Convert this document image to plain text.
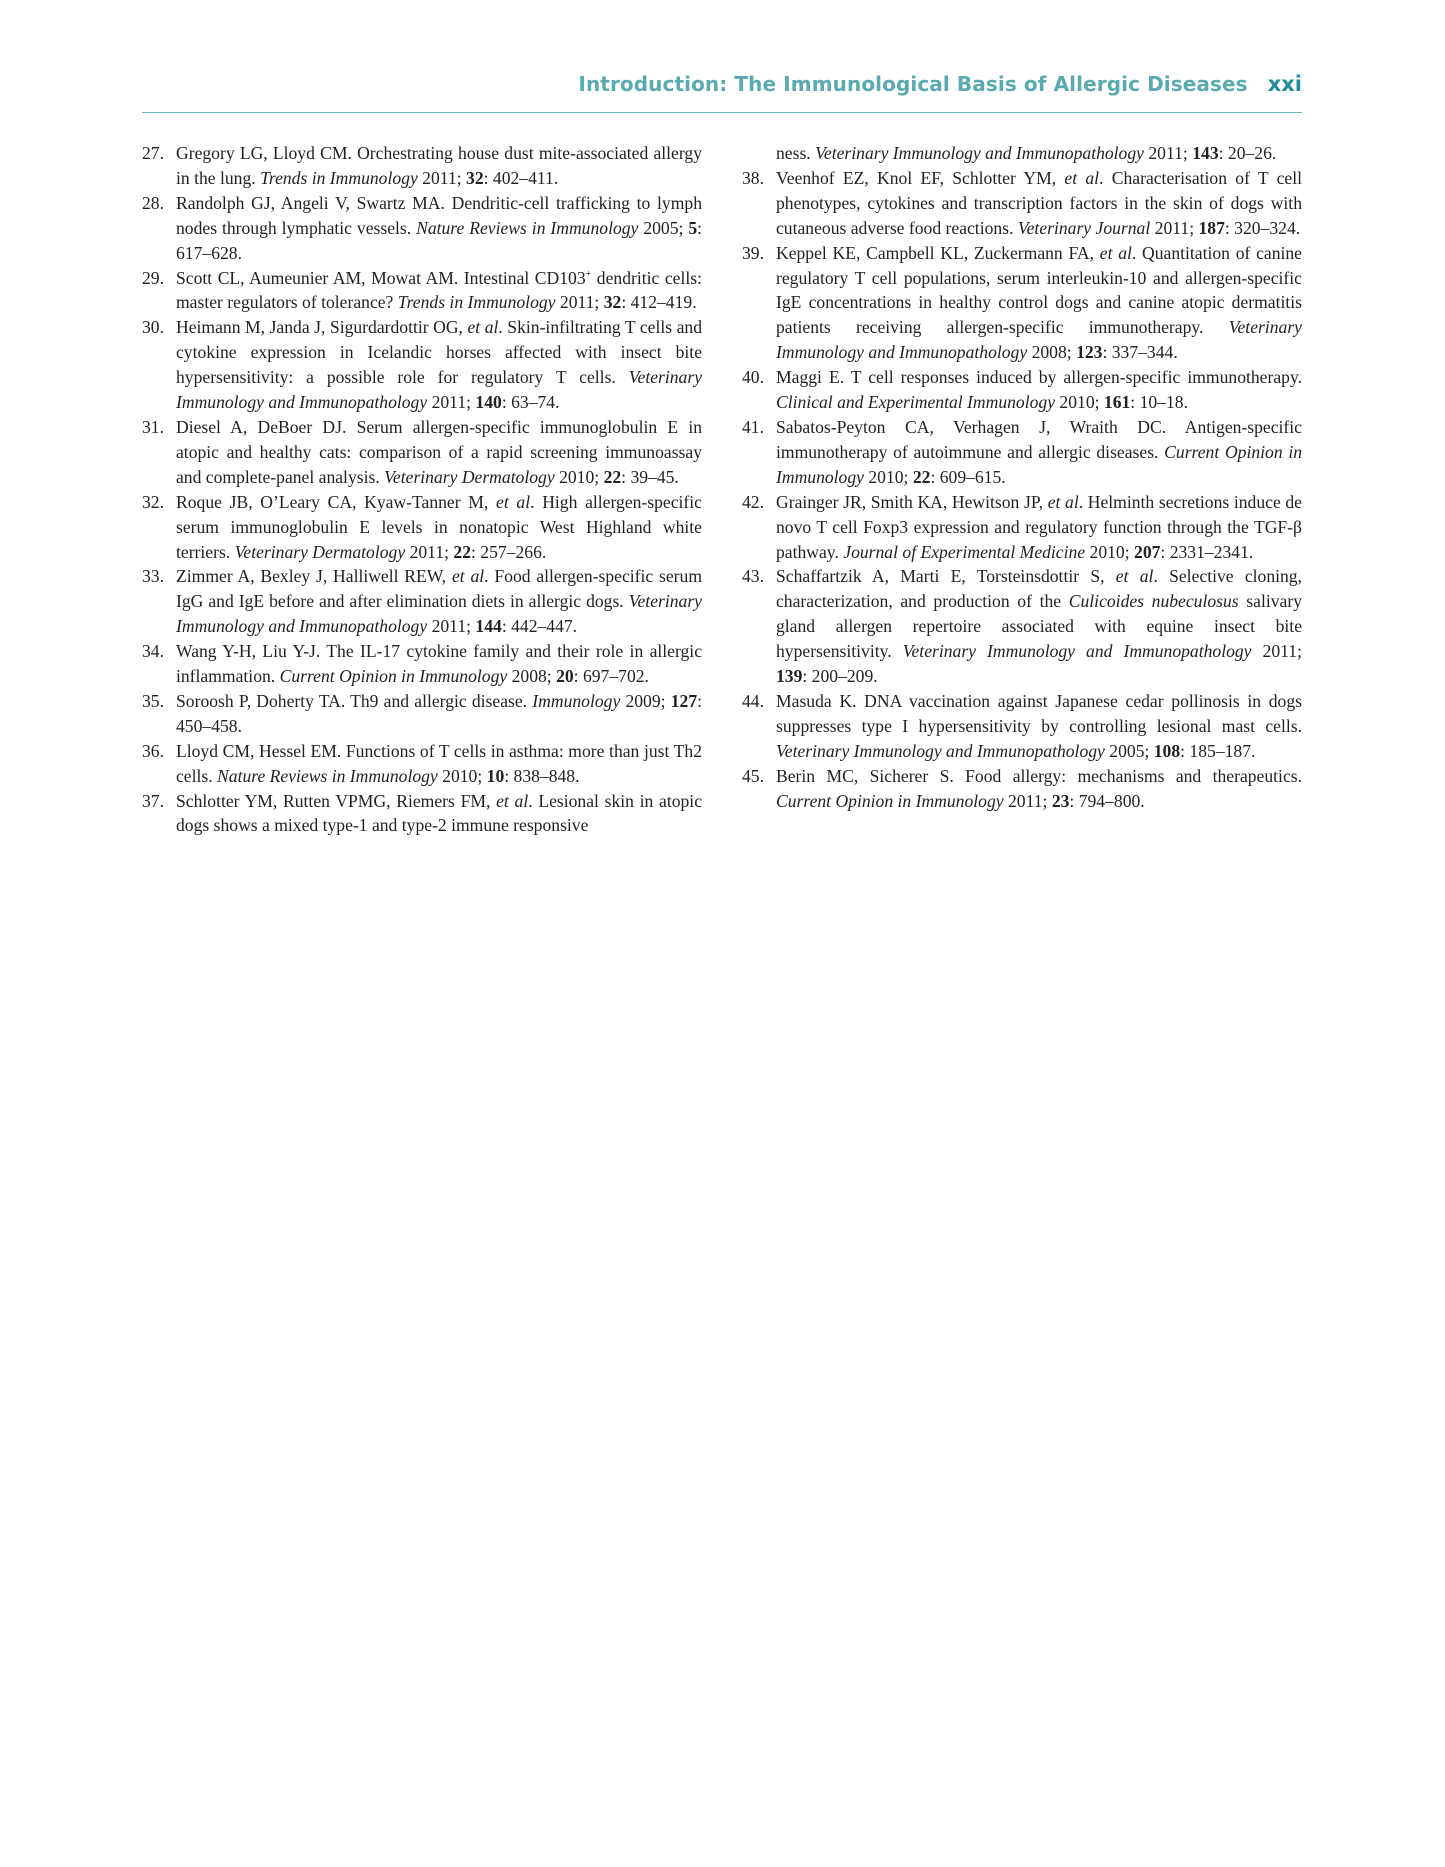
Introduction: The Immunological Basis of Allergic Diseases xxi
27. Gregory LG, Lloyd CM. Orchestrating house dust mite-associated allergy in the lung. Trends in Immunology 2011; 32: 402–411.
28. Randolph GJ, Angeli V, Swartz MA. Dendritic-cell trafficking to lymph nodes through lymphatic vessels. Nature Reviews in Immunology 2005; 5: 617–628.
29. Scott CL, Aumeunier AM, Mowat AM. Intestinal CD103+ dendritic cells: master regulators of tolerance? Trends in Immunology 2011; 32: 412–419.
30. Heimann M, Janda J, Sigurdardottir OG, et al. Skin-infiltrating T cells and cytokine expression in Icelandic horses affected with insect bite hypersensitivity: a possible role for regulatory T cells. Veterinary Immunology and Immunopathology 2011; 140: 63–74.
31. Diesel A, DeBoer DJ. Serum allergen-specific immunoglobulin E in atopic and healthy cats: comparison of a rapid screening immunoassay and complete-panel analysis. Veterinary Dermatology 2010; 22: 39–45.
32. Roque JB, O’Leary CA, Kyaw-Tanner M, et al. High allergen-specific serum immunoglobulin E levels in nonatopic West Highland white terriers. Veterinary Dermatology 2011; 22: 257–266.
33. Zimmer A, Bexley J, Halliwell REW, et al. Food allergen-specific serum IgG and IgE before and after elimination diets in allergic dogs. Veterinary Immunology and Immunopathology 2011; 144: 442–447.
34. Wang Y-H, Liu Y-J. The IL-17 cytokine family and their role in allergic inflammation. Current Opinion in Immunology 2008; 20: 697–702.
35. Soroosh P, Doherty TA. Th9 and allergic disease. Immunology 2009; 127: 450–458.
36. Lloyd CM, Hessel EM. Functions of T cells in asthma: more than just Th2 cells. Nature Reviews in Immunology 2010; 10: 838–848.
37. Schlotter YM, Rutten VPMG, Riemers FM, et al. Lesional skin in atopic dogs shows a mixed type-1 and type-2 immune responsive
ness. Veterinary Immunology and Immunopathology 2011; 143: 20–26.
38. Veenhof EZ, Knol EF, Schlotter YM, et al. Characterisation of T cell phenotypes, cytokines and transcription factors in the skin of dogs with cutaneous adverse food reactions. Veterinary Journal 2011; 187: 320–324.
39. Keppel KE, Campbell KL, Zuckermann FA, et al. Quantitation of canine regulatory T cell populations, serum interleukin-10 and allergen-specific IgE concentrations in healthy control dogs and canine atopic dermatitis patients receiving allergen-specific immunotherapy. Veterinary Immunology and Immunopathology 2008; 123: 337–344.
40. Maggi E. T cell responses induced by allergen-specific immunotherapy. Clinical and Experimental Immunology 2010; 161: 10–18.
41. Sabatos-Peyton CA, Verhagen J, Wraith DC. Antigen-specific immunotherapy of autoimmune and allergic diseases. Current Opinion in Immunology 2010; 22: 609–615.
42. Grainger JR, Smith KA, Hewitson JP, et al. Helminth secretions induce de novo T cell Foxp3 expression and regulatory function through the TGF-β pathway. Journal of Experimental Medicine 2010; 207: 2331–2341.
43. Schaffartzik A, Marti E, Torsteinsdottir S, et al. Selective cloning, characterization, and production of the Culicoides nubeculosus salivary gland allergen repertoire associated with equine insect bite hypersensitivity. Veterinary Immunology and Immunopathology 2011; 139: 200–209.
44. Masuda K. DNA vaccination against Japanese cedar pollinosis in dogs suppresses type I hypersensitivity by controlling lesional mast cells. Veterinary Immunology and Immunopathology 2005; 108: 185–187.
45. Berin MC, Sicherer S. Food allergy: mechanisms and therapeutics. Current Opinion in Immunology 2011; 23: 794–800.
